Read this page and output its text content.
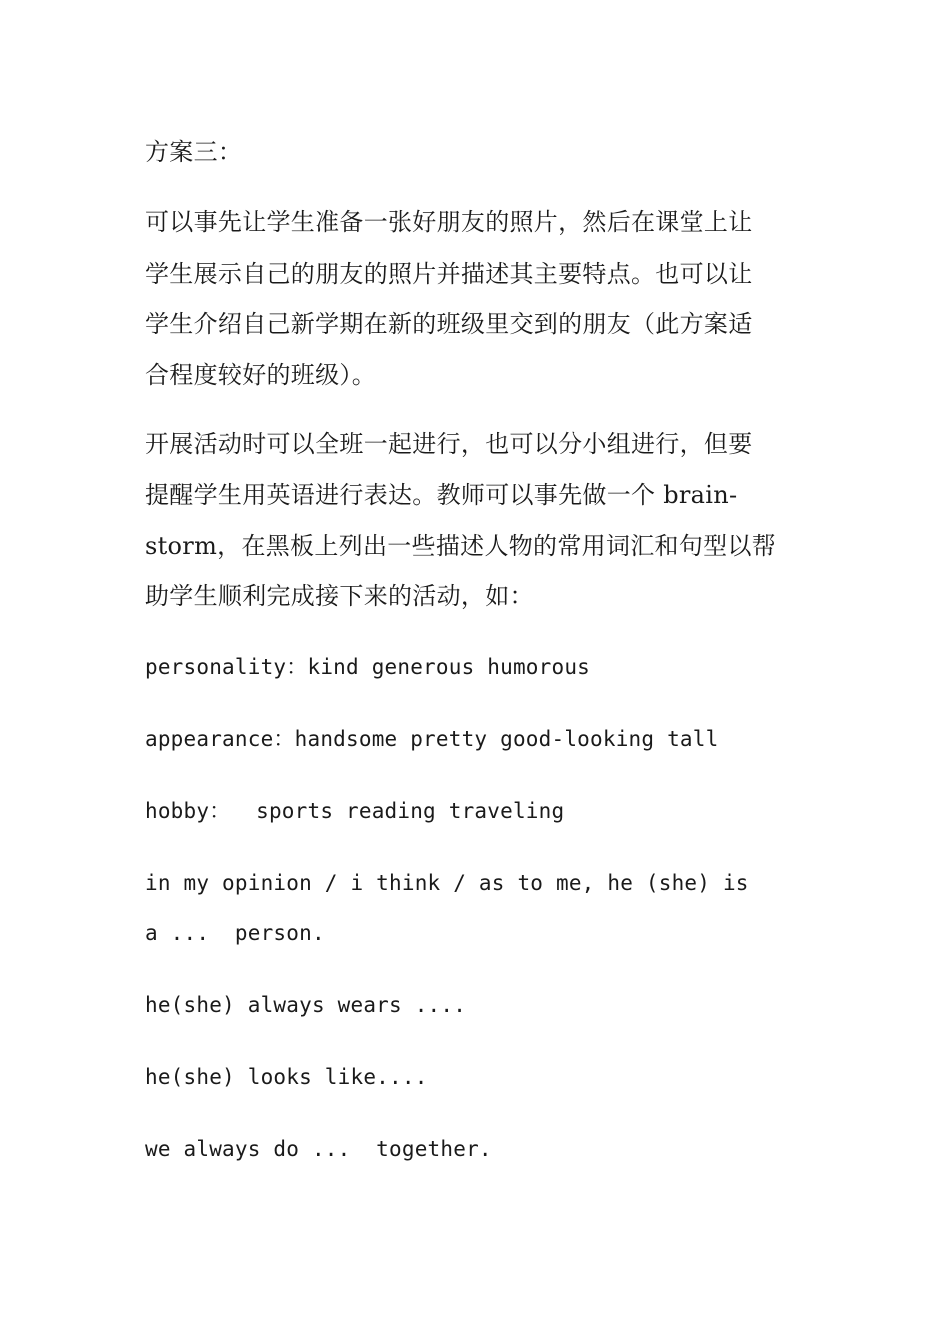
方案三：
可以事先让学生准备一张好朋友的照片，然后在课堂上让
学生展示自己的朋友的照片并描述其主要特点。也可以让
学生介绍自己新学期在新的班级里交到的朋友（此方案适
合程度较好的班级）。
开展活动时可以全班一起进行，也可以分小组进行，但要
提醒学生用英语进行表达。教师可以事先做一个 brain-
storm，在黑板上列出一些描述人物的常用词汇和句型以帮
助学生顺利完成接下来的活动，如：
personality：kind generous humorous
appearance：handsome pretty good-looking tall
hobby：  sports reading traveling
in my opinion / i think / as to me, he (she) is
a ...  person.
he(she) always wears ....
he(she) looks like....
we always do ...  together.
